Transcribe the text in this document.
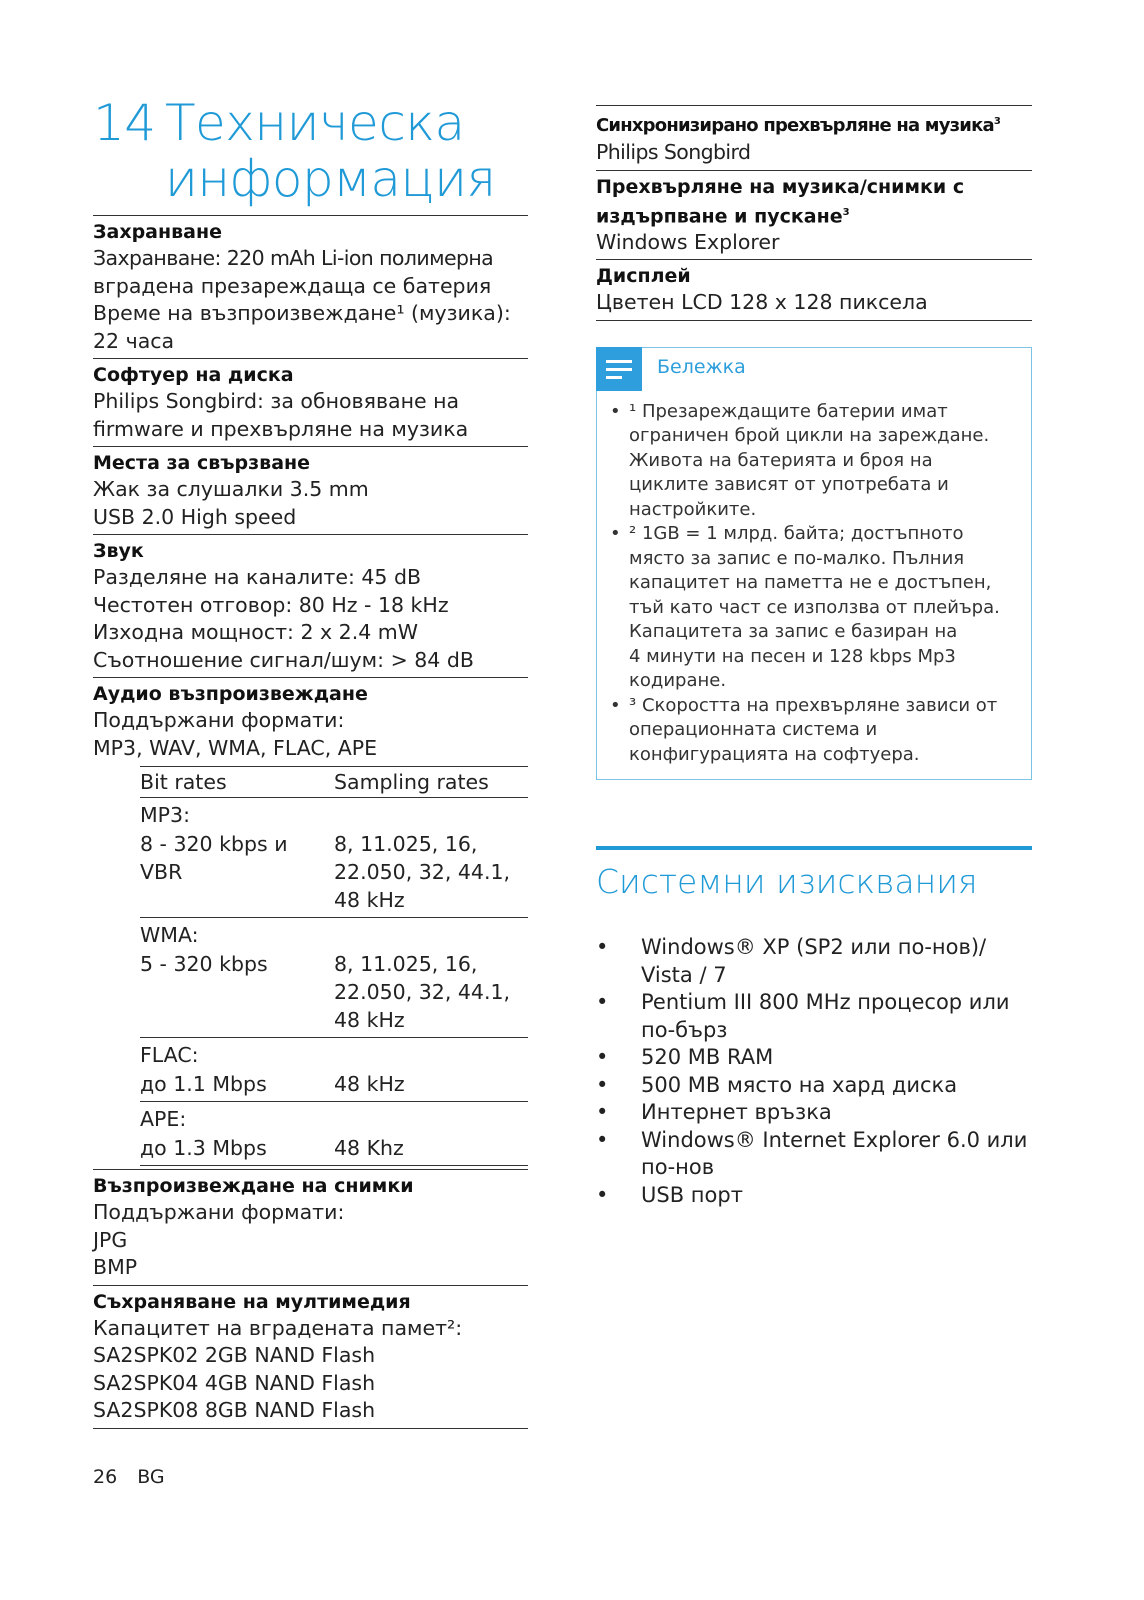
14 Техническа
информация
Захранване

Захранване: 220 mAh Li-ion полимерна

вградена презареждаща се батерия

Време на възпроизвеждане¹ (музика):

22 часа

Софтуер на диска

Philips Songbird: за обновяване на

firmware и прехвърляне на музика

Места за свързване

Жак за слушалки 3.5 mm

USB 2.0 High speed

Звук

Разделяне на каналите: 45 dB

Честотен отговор: 80 Hz - 18 kHz

Изходна мощност: 2 x 2.4 mW

Съотношение сигнал/шум: > 84 dB

Аудио възпроизвеждане

Поддържани формати:

MP3, WAV, WMA, FLAC, APE

Bit rates	Sampling rates
MP3:
8 - 320 kbps и	8, 11.025, 16,
VBR	22.050, 32, 44.1,
48 kHz
WMA:
5 - 320 kbps	8, 11.025, 16,
22.050, 32, 44.1,
48 kHz
FLAC:
до 1.1 Mbps	48 kHz
APE:
до 1.3 Mbps	48 Khz
Възпроизвеждане на снимки

Поддържани формати:

JPG

BMP

Съхраняване на мултимедия

Капацитет на вградената памет²:

SA2SPK02 2GB NAND Flash

SA2SPK04 4GB NAND Flash

SA2SPK08 8GB NAND Flash

Синхронизирано прехвърляне на музика$^3$

Philips Songbird

Прехвърляне на музика/снимки с
издърпване и пускане$^3$

Windows Explorer

Дисплей

Цветен LCD 128 x 128 пиксела

Бележка
• ¹ Презареждащите батерии имат
ограничен брой цикли на зареждане.
Живота на батерията и броя на
циклите зависят от употребата и
настройките.
• ² 1GB = 1 млрд. байта; достъпното
място за запис е по-малко. Пълния
капацитет на паметта не е достъпен,
тъй като част се използва от плейъра.
Капацитета за запис е базиран на
4 минути на песен и 128 kbps Mp3
кодиране.
• ³ Скоростта на прехвърляне зависи от
операционната система и
конфигурацията на софтуера.
Системни изисквания
• Windows® XP (SP2 или по-нов)/
Vista / 7
• Pentium III 800 MHz процесор или
по-бърз
• 520 MB RAM
• 500 MB място на хард диска
• Интернет връзка
• Windows® Internet Explorer 6.0 или
по-нов
• USB порт
26 BG
